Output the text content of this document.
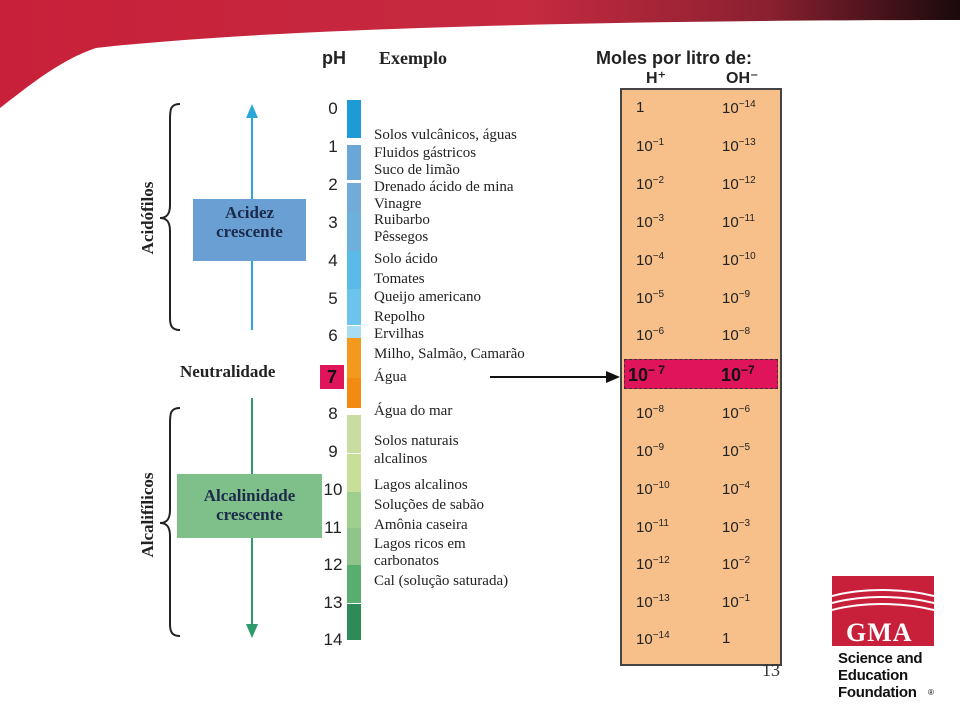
pH Exemplo	Moles por litro de:
H⁺	OH⁻
Acidófilos
Alcalifílicos
Acidez
crescente
Alcalinidade
crescente
Neutralidade
0
1
2
3
4
5
6
7
8
9
10
11
12
13
14
Solos vulcânicos, águas
Fluidos gástricos
Suco de limão
Drenado ácido de mina
Vinagre
Ruibarbo
Pêssegos
Solo ácido
Tomates
Queijo americano
Repolho
Ervilhas
Milho, Salmão, Camarão
Água
Água do mar
Solos naturais
alcalinos
Lagos alcalinos
Soluções de sabão
Amônia caseira
Lagos ricos em
carbonatos
Cal (solução saturada)
1
$10^{-1}$
$10^{-2}$
$10^{-3}$
$10^{-4}$
$10^{-5}$
$10^{-6}$
$10^{- 7}$
$10^{-8}$
$10^{-9}$
$10^{-10}$
$10^{-11}$
$10^{-12}$
$10^{-13}$
$10^{-14}$
$10^{-14}$
$10^{-13}$
$10^{-12}$
$10^{-11}$
$10^{-10}$
$10^{-9}$
$10^{-8}$
$10^{-7}$
$10^{-6}$
$10^{-5}$
$10^{-4}$
$10^{-3}$
$10^{-2}$
$10^{-1}$
1
13
GMA
Science and
Education
Foundation ®
